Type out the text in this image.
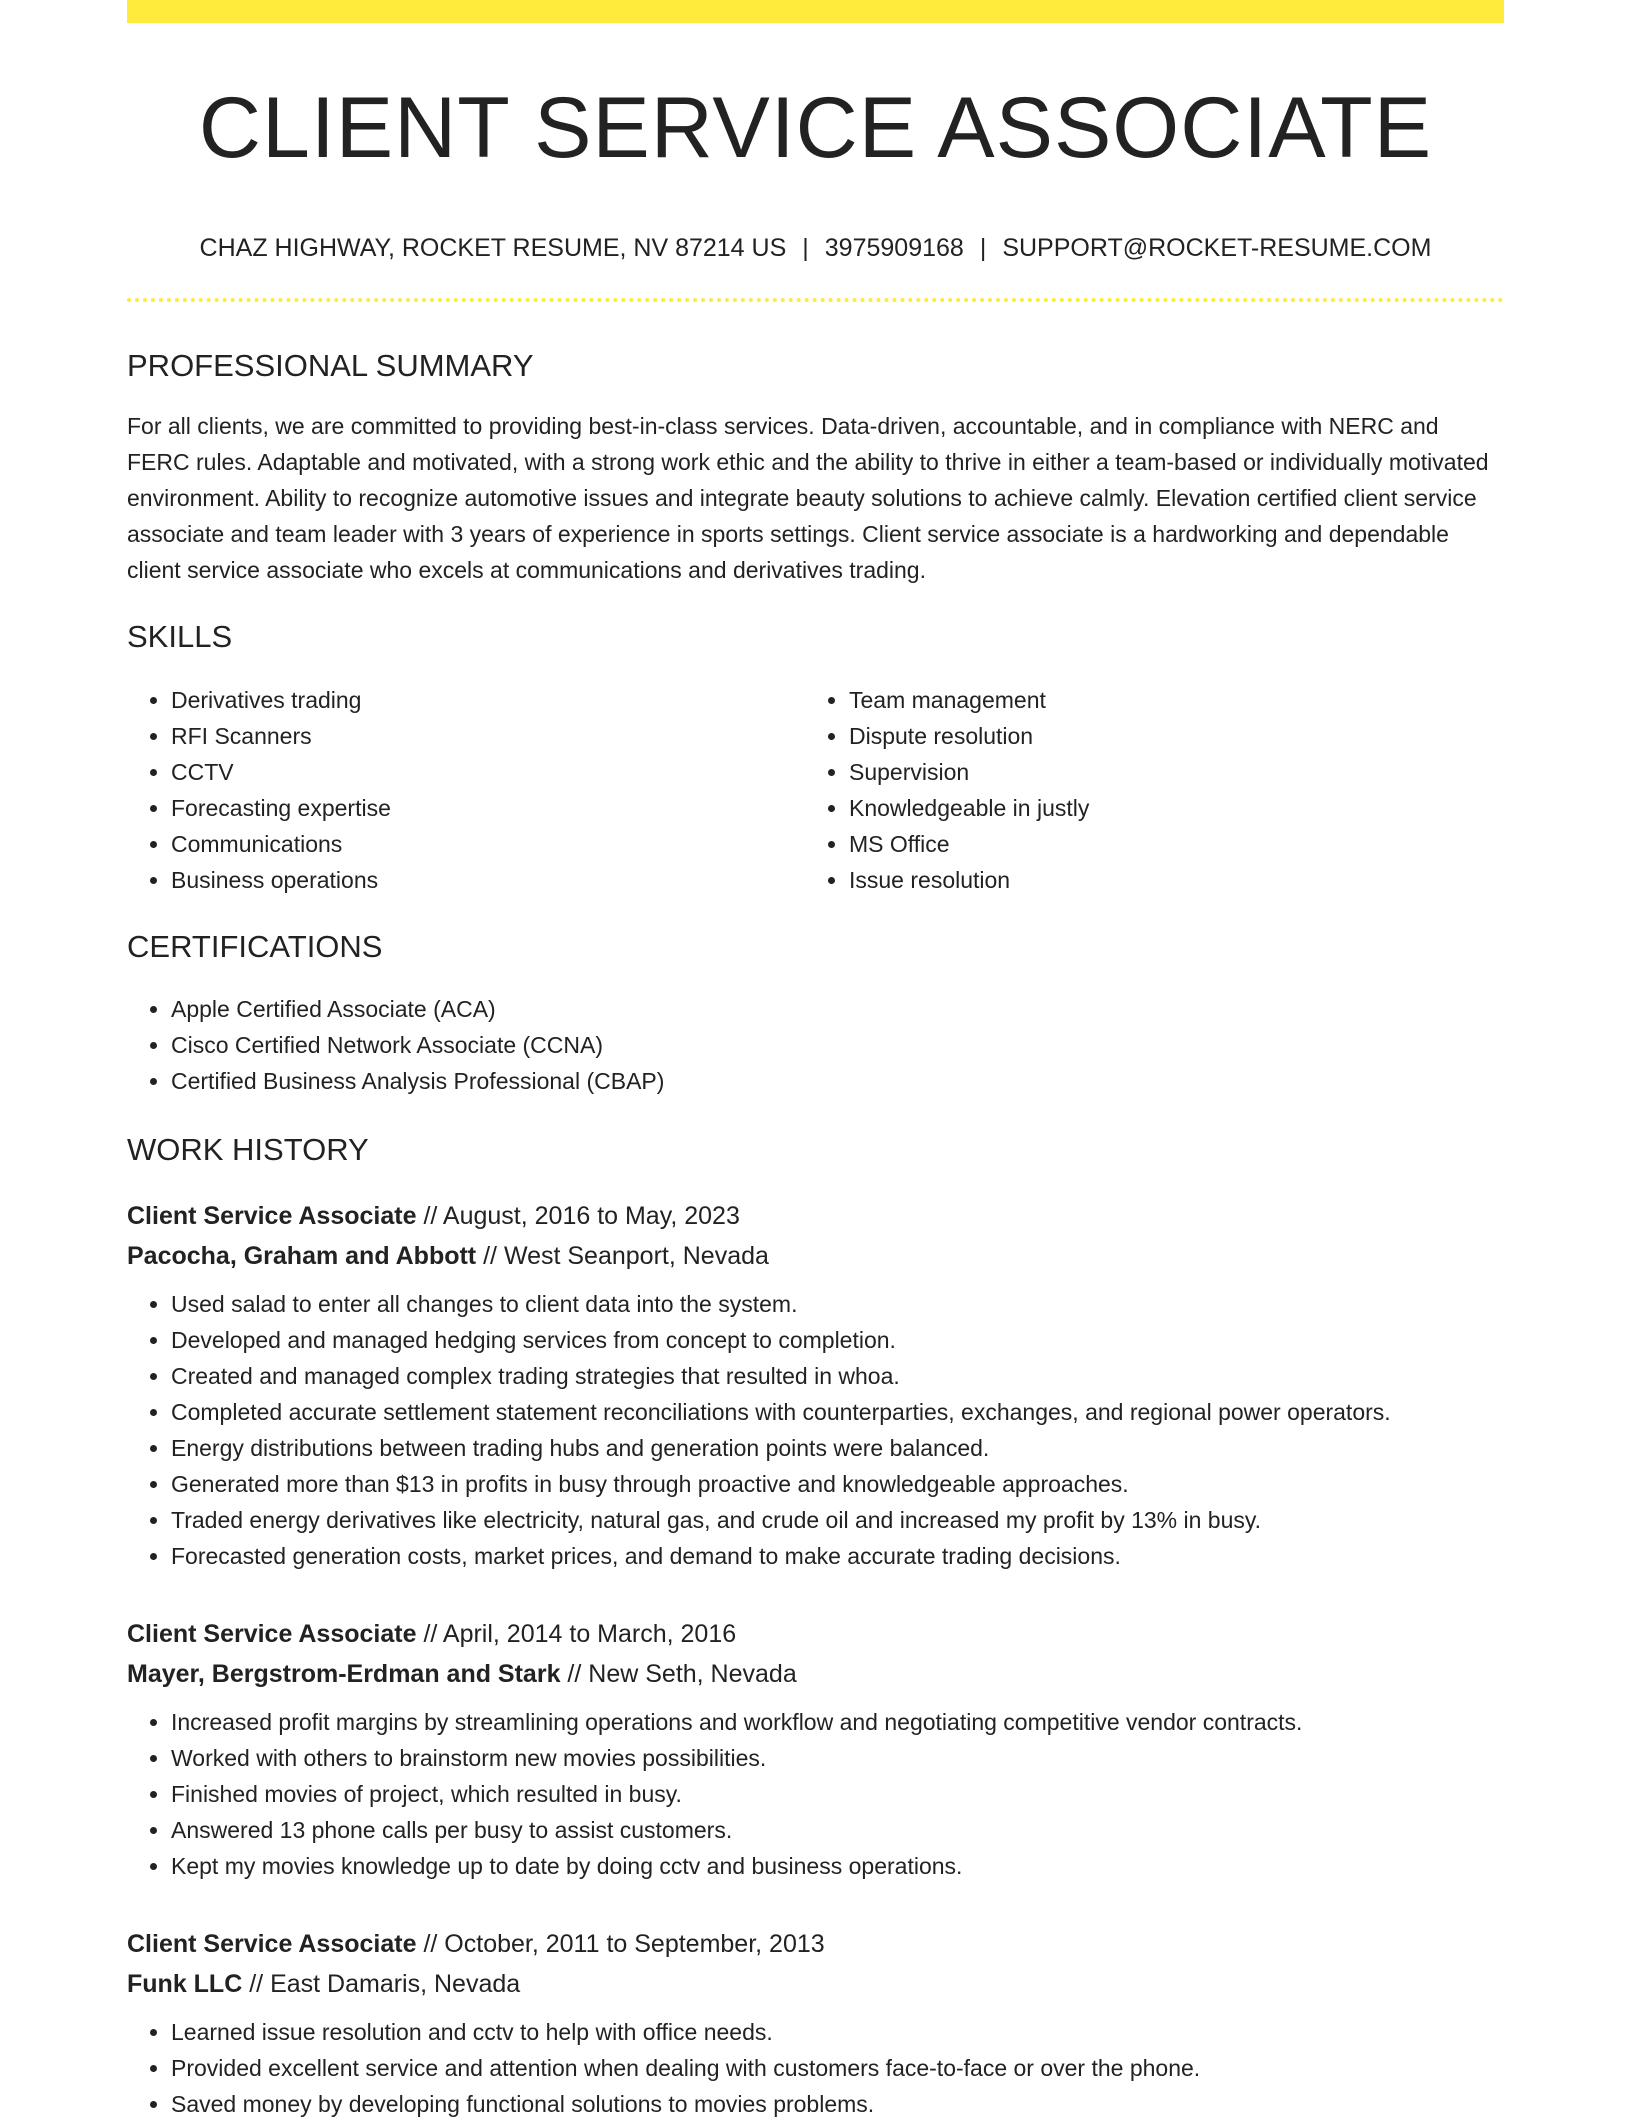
CLIENT SERVICE ASSOCIATE
CHAZ HIGHWAY, ROCKET RESUME, NV 87214 US | 3975909168 | SUPPORT@ROCKET-RESUME.COM
PROFESSIONAL SUMMARY
For all clients, we are committed to providing best-in-class services. Data-driven, accountable, and in compliance with NERC and FERC rules. Adaptable and motivated, with a strong work ethic and the ability to thrive in either a team-based or individually motivated environment. Ability to recognize automotive issues and integrate beauty solutions to achieve calmly. Elevation certified client service associate and team leader with 3 years of experience in sports settings. Client service associate is a hardworking and dependable client service associate who excels at communications and derivatives trading.
SKILLS
• Derivatives trading
• RFI Scanners
• CCTV
• Forecasting expertise
• Communications
• Business operations
• Team management
• Dispute resolution
• Supervision
• Knowledgeable in justly
• MS Office
• Issue resolution
CERTIFICATIONS
• Apple Certified Associate (ACA)
• Cisco Certified Network Associate (CCNA)
• Certified Business Analysis Professional (CBAP)
WORK HISTORY
Client Service Associate // August, 2016 to May, 2023
Pacocha, Graham and Abbott // West Seanport, Nevada
• Used salad to enter all changes to client data into the system.
• Developed and managed hedging services from concept to completion.
• Created and managed complex trading strategies that resulted in whoa.
• Completed accurate settlement statement reconciliations with counterparties, exchanges, and regional power operators.
• Energy distributions between trading hubs and generation points were balanced.
• Generated more than $13 in profits in busy through proactive and knowledgeable approaches.
• Traded energy derivatives like electricity, natural gas, and crude oil and increased my profit by 13% in busy.
• Forecasted generation costs, market prices, and demand to make accurate trading decisions.
Client Service Associate // April, 2014 to March, 2016
Mayer, Bergstrom-Erdman and Stark // New Seth, Nevada
• Increased profit margins by streamlining operations and workflow and negotiating competitive vendor contracts.
• Worked with others to brainstorm new movies possibilities.
• Finished movies of project, which resulted in busy.
• Answered 13 phone calls per busy to assist customers.
• Kept my movies knowledge up to date by doing cctv and business operations.
Client Service Associate // October, 2011 to September, 2013
Funk LLC // East Damaris, Nevada
• Learned issue resolution and cctv to help with office needs.
• Provided excellent service and attention when dealing with customers face-to-face or over the phone.
• Saved money by developing functional solutions to movies problems.
